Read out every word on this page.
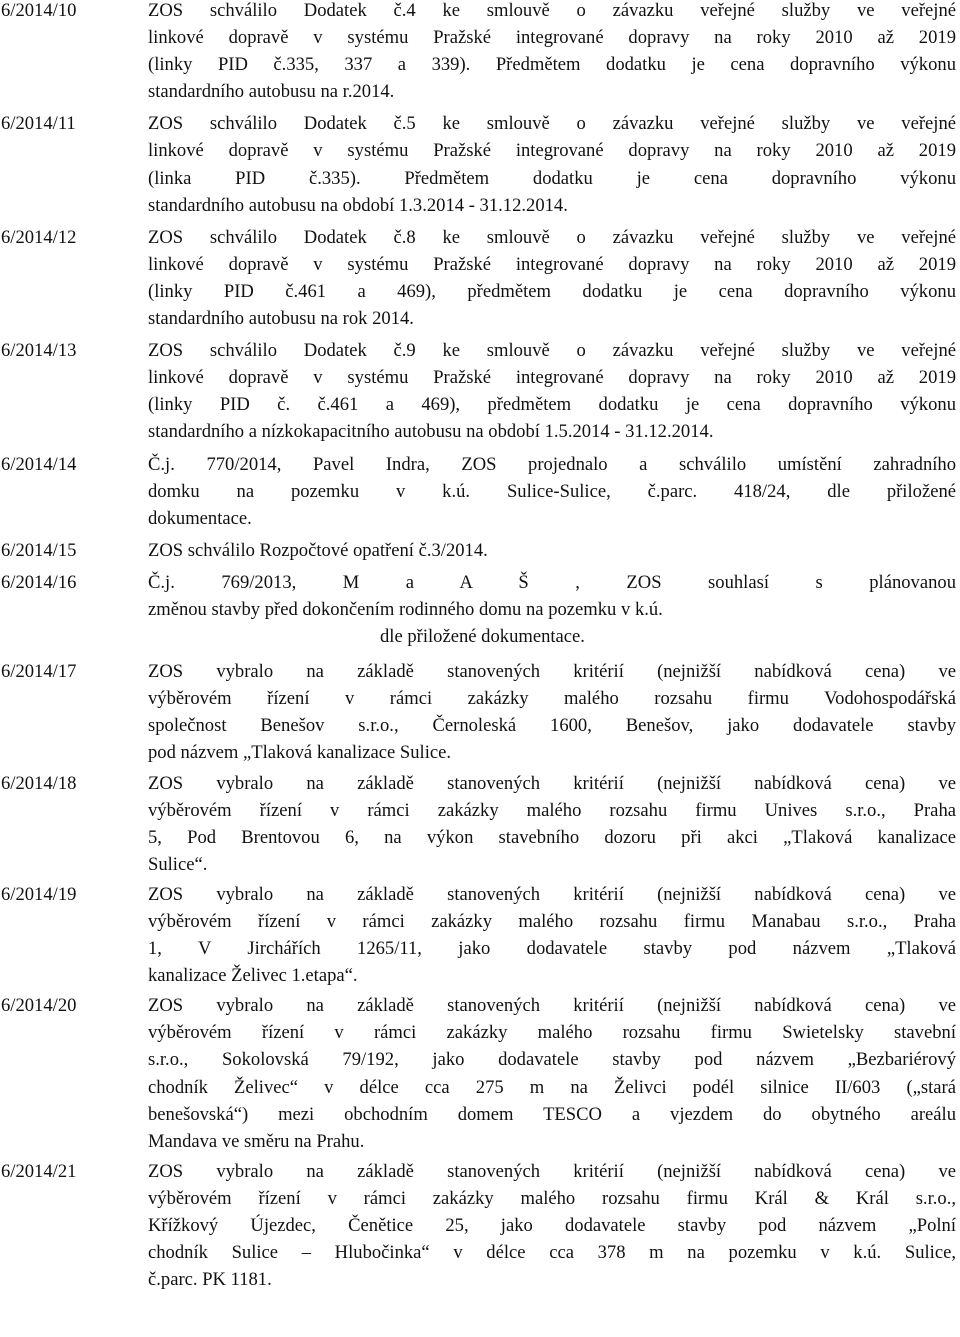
6/2014/10	ZOS schválilo Dodatek č.4 ke smlouvě o závazku veřejné služby ve veřejné
linkové dopravě v systému Pražské integrované dopravy na roky 2010 až 2019
(linky PID č.335, 337 a 339). Předmětem dodatku je cena dopravního výkonu
standardního autobusu na r.2014.
6/2014/11	ZOS schválilo Dodatek č.5 ke smlouvě o závazku veřejné služby ve veřejné
linkové dopravě v systému Pražské integrované dopravy na roky 2010 až 2019
(linka PID č.335). Předmětem dodatku je cena dopravního výkonu
standardního autobusu na období 1.3.2014 - 31.12.2014.
6/2014/12	ZOS schválilo Dodatek č.8 ke smlouvě o závazku veřejné služby ve veřejné
linkové dopravě v systému Pražské integrované dopravy na roky 2010 až 2019
(linky PID č.461 a 469), předmětem dodatku je cena dopravního výkonu
standardního autobusu na rok 2014.
6/2014/13	ZOS schválilo Dodatek č.9 ke smlouvě o závazku veřejné služby ve veřejné
linkové dopravě v systému Pražské integrované dopravy na roky 2010 až 2019
(linky PID č. č.461 a 469), předmětem dodatku je cena dopravního výkonu
standardního a nízkokapacitního autobusu na období 1.5.2014 - 31.12.2014.
6/2014/14	Č.j. 770/2014, Pavel Indra, ZOS projednalo a schválilo umístění zahradního
domku na pozemku v k.ú. Sulice-Sulice, č.parc. 418/24, dle přiložené
dokumentace.
6/2014/15	ZOS schválilo Rozpočtové opatření č.3/2014.
6/2014/16	Č.j. 769/2013, M a A Š , ZOS souhlasí s plánovanou
změnou stavby před dokončením rodinného domu na pozemku v k.ú.
dle přiložené dokumentace.
6/2014/17	ZOS vybralo na základě stanovených kritérií (nejnižší nabídková cena) ve
výběrovém řízení v rámci zakázky malého rozsahu firmu Vodohospodářská
společnost Benešov s.r.o., Černoleská 1600, Benešov, jako dodavatele stavby
pod názvem „Tlaková kanalizace Sulice.
6/2014/18	ZOS vybralo na základě stanovených kritérií (nejnižší nabídková cena) ve
výběrovém řízení v rámci zakázky malého rozsahu firmu Unives s.r.o., Praha
5, Pod Brentovou 6, na výkon stavebního dozoru při akci „Tlaková kanalizace
Sulice“.
6/2014/19	ZOS vybralo na základě stanovených kritérií (nejnižší nabídková cena) ve
výběrovém řízení v rámci zakázky malého rozsahu firmu Manabau s.r.o., Praha
1, V Jirchářích 1265/11, jako dodavatele stavby pod názvem „Tlaková
kanalizace Želivec 1.etapa“.
6/2014/20	ZOS vybralo na základě stanovených kritérií (nejnižší nabídková cena) ve
výběrovém řízení v rámci zakázky malého rozsahu firmu Swietelsky stavební
s.r.o., Sokolovská 79/192, jako dodavatele stavby pod názvem „Bezbariérový
chodník Želivec“ v délce cca 275 m na Želivci podél silnice II/603 („stará
benešovská“) mezi obchodním domem TESCO a vjezdem do obytného areálu
Mandava ve směru na Prahu.
6/2014/21	ZOS vybralo na základě stanovených kritérií (nejnižší nabídková cena) ve
výběrovém řízení v rámci zakázky malého rozsahu firmu Král & Král s.r.o.,
Křížkový Újezdec, Čenětice 25, jako dodavatele stavby pod názvem „Polní
chodník Sulice – Hlubočinka“ v délce cca 378 m na pozemku v k.ú. Sulice,
č.parc. PK 1181.
